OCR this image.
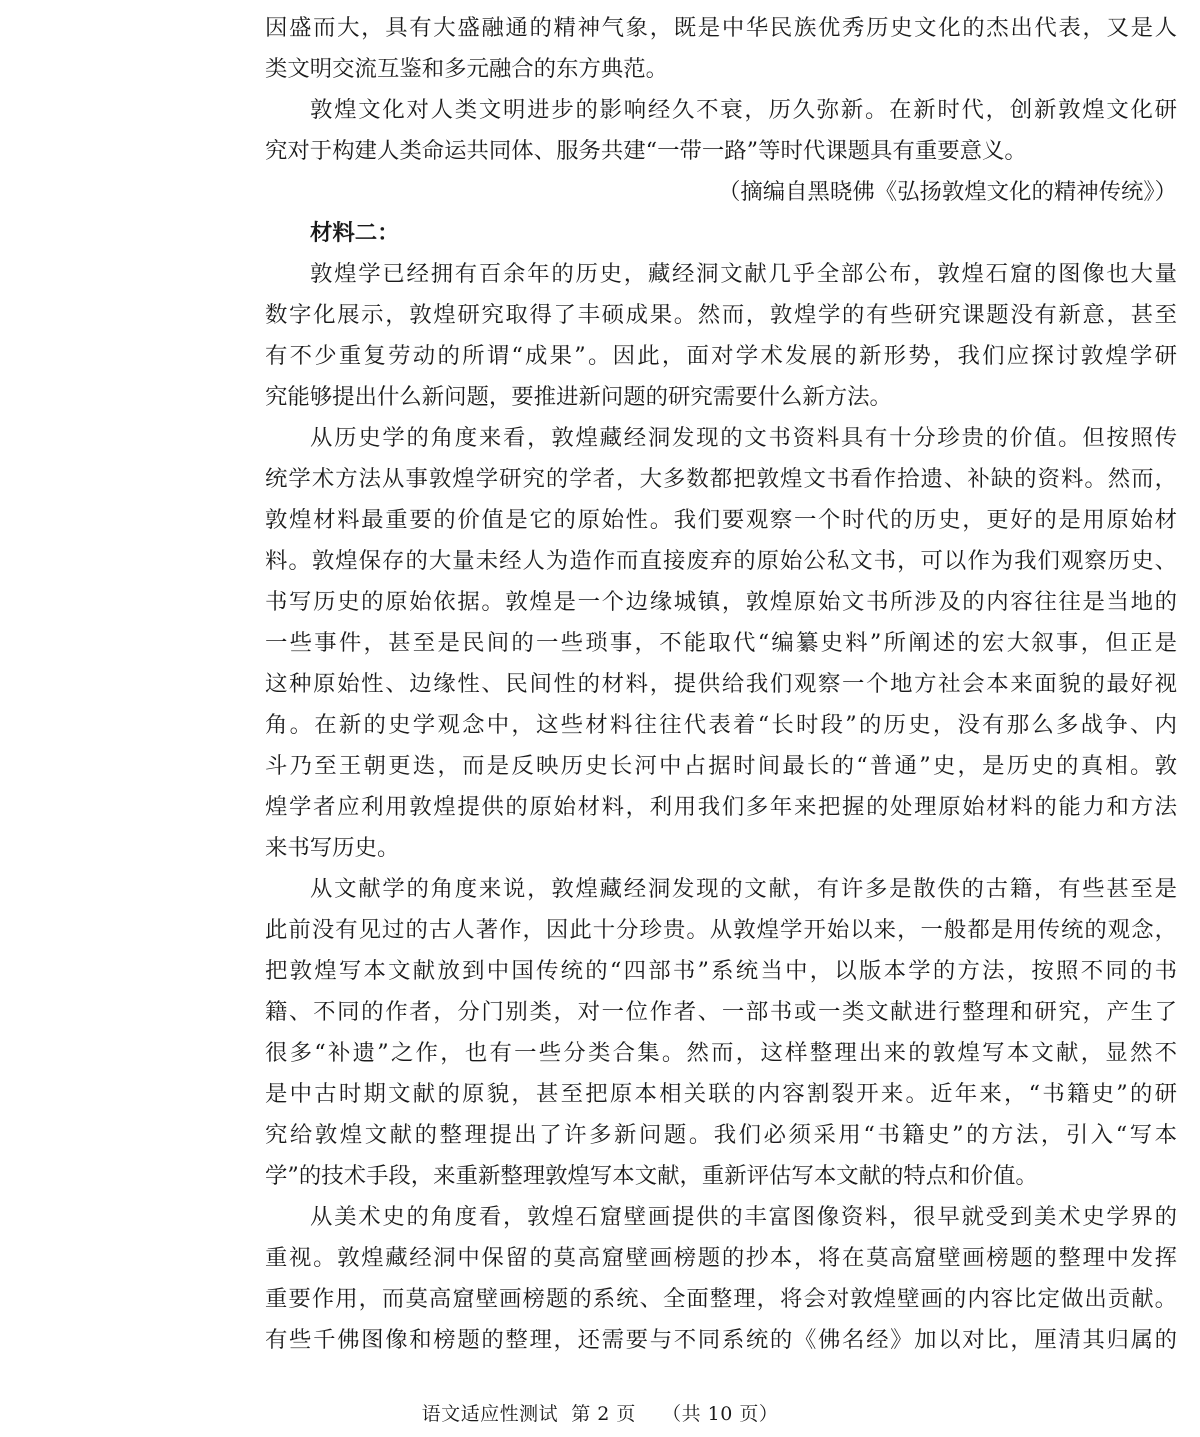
因盛而大，具有大盛融通的精神气象，既是中华民族优秀历史文化的杰出代表，又是人
类文明交流互鉴和多元融合的东方典范。
敦煌文化对人类文明进步的影响经久不衰，历久弥新。在新时代，创新敦煌文化研
究对于构建人类命运共同体、服务共建“一带一路”等时代课题具有重要意义。
（摘编自黑晓佛《弘扬敦煌文化的精神传统》）
材料二：
敦煌学已经拥有百余年的历史，藏经洞文献几乎全部公布，敦煌石窟的图像也大量
数字化展示，敦煌研究取得了丰硕成果。然而，敦煌学的有些研究课题没有新意，甚至
有不少重复劳动的所谓“成果”。因此，面对学术发展的新形势，我们应探讨敦煌学研
究能够提出什么新问题，要推进新问题的研究需要什么新方法。
从历史学的角度来看，敦煌藏经洞发现的文书资料具有十分珍贵的价值。但按照传
统学术方法从事敦煌学研究的学者，大多数都把敦煌文书看作拾遗、补缺的资料。然而，
敦煌材料最重要的价值是它的原始性。我们要观察一个时代的历史，更好的是用原始材
料。敦煌保存的大量未经人为造作而直接废弃的原始公私文书，可以作为我们观察历史、
书写历史的原始依据。敦煌是一个边缘城镇，敦煌原始文书所涉及的内容往往是当地的
一些事件，甚至是民间的一些琐事，不能取代“编纂史料”所阐述的宏大叙事，但正是
这种原始性、边缘性、民间性的材料，提供给我们观察一个地方社会本来面貌的最好视
角。在新的史学观念中，这些材料往往代表着“长时段”的历史，没有那么多战争、内
斗乃至王朝更迭，而是反映历史长河中占据时间最长的“普通”史，是历史的真相。敦
煌学者应利用敦煌提供的原始材料，利用我们多年来把握的处理原始材料的能力和方法
来书写历史。
从文献学的角度来说，敦煌藏经洞发现的文献，有许多是散佚的古籍，有些甚至是
此前没有见过的古人著作，因此十分珍贵。从敦煌学开始以来，一般都是用传统的观念，
把敦煌写本文献放到中国传统的“四部书”系统当中，以版本学的方法，按照不同的书
籍、不同的作者，分门别类，对一位作者、一部书或一类文献进行整理和研究，产生了
很多“补遗”之作，也有一些分类合集。然而，这样整理出来的敦煌写本文献，显然不
是中古时期文献的原貌，甚至把原本相关联的内容割裂开来。近年来，“书籍史”的研
究给敦煌文献的整理提出了许多新问题。我们必须采用“书籍史”的方法，引入“写本
学”的技术手段，来重新整理敦煌写本文献，重新评估写本文献的特点和价值。
从美术史的角度看，敦煌石窟壁画提供的丰富图像资料，很早就受到美术史学界的
重视。敦煌藏经洞中保留的莫高窟壁画榜题的抄本，将在莫高窟壁画榜题的整理中发挥
重要作用，而莫高窟壁画榜题的系统、全面整理，将会对敦煌壁画的内容比定做出贡献。
有些千佛图像和榜题的整理，还需要与不同系统的《佛名经》加以对比，厘清其归属的
语文适应性测试 第 2 页 （共 10 页）
